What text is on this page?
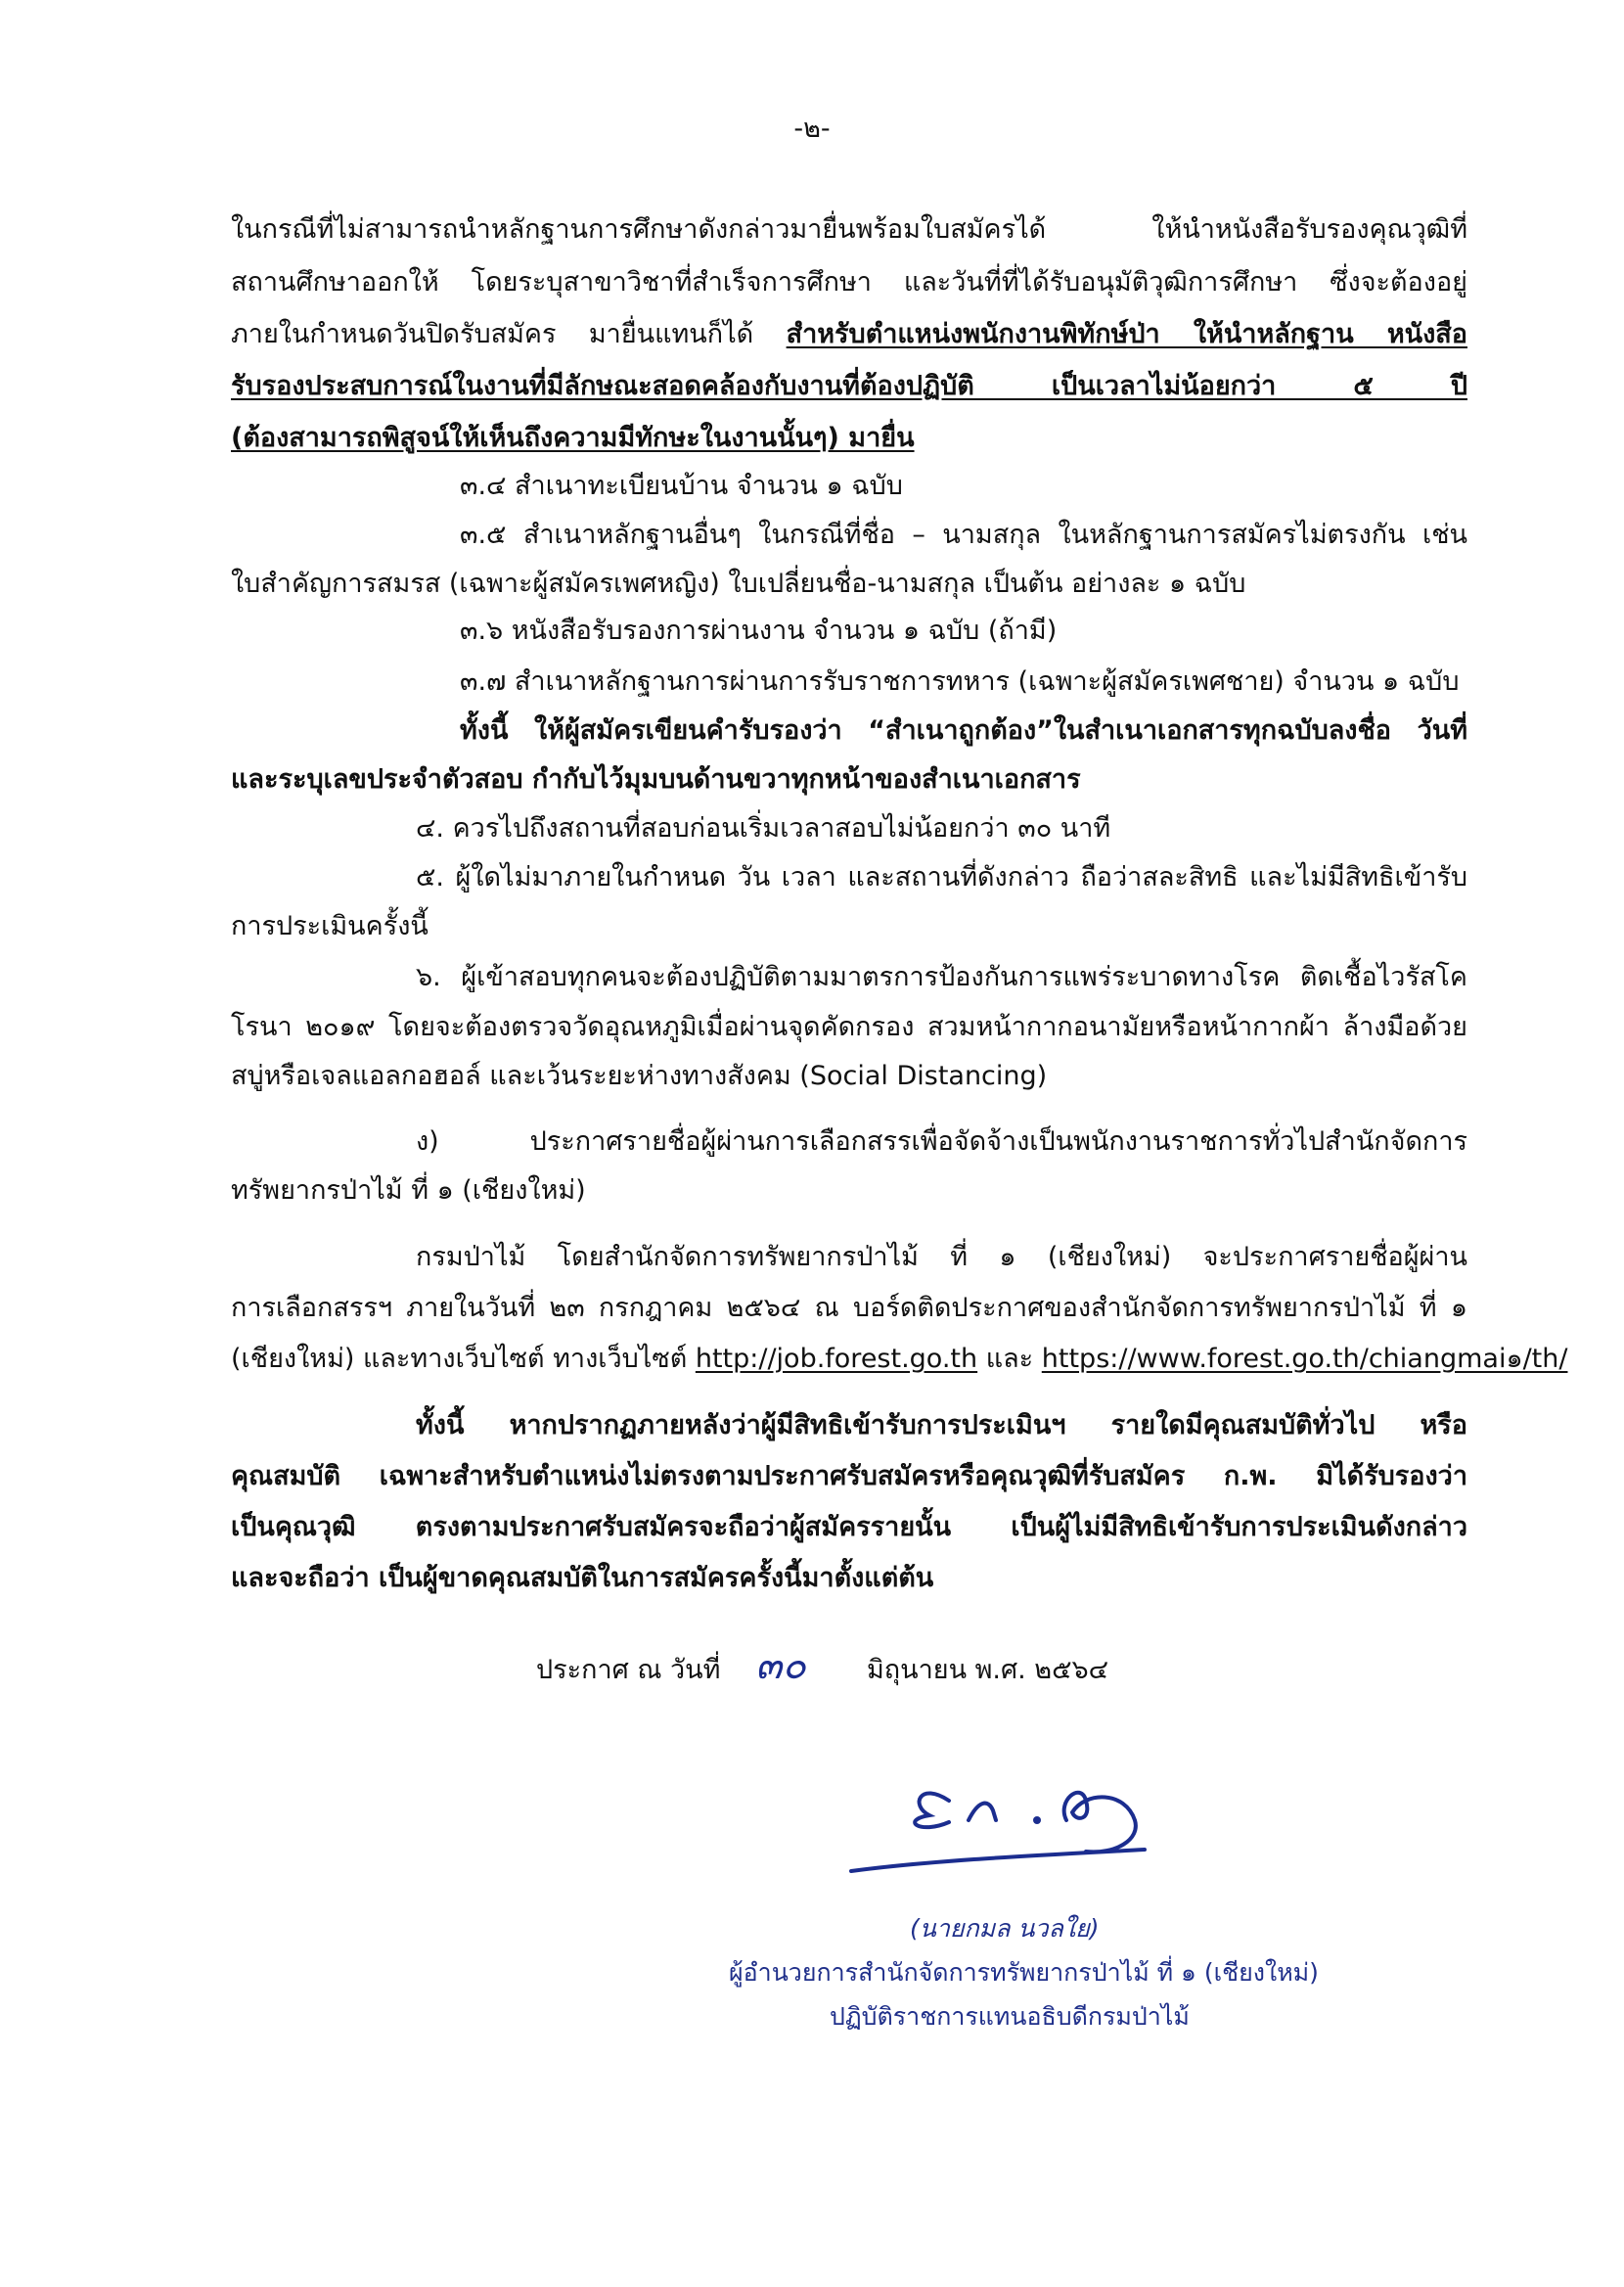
-๒-
ในกรณีที่ไม่สามารถนำหลักฐานการศึกษาดังกล่าวมายื่นพร้อมใบสมัครได้ ให้นำหนังสือรับรองคุณวุฒิที่
สถานศึกษาออกให้ โดยระบุสาขาวิชาที่สำเร็จการศึกษา และวันที่ที่ได้รับอนุมัติวุฒิการศึกษา ซึ่งจะต้องอยู่
ภายในกำหนดวันปิดรับสมัคร มายื่นแทนก็ได้ สำหรับตำแหน่งพนักงานพิทักษ์ป่า ให้นำหลักฐาน หนังสือ
รับรองประสบการณ์ในงานที่มีลักษณะสอดคล้องกับงานที่ต้องปฏิบัติ เป็นเวลาไม่น้อยกว่า ๕ ปี
(ต้องสามารถพิสูจน์ให้เห็นถึงความมีทักษะในงานนั้นๆ) มายื่น
๓.๔ สำเนาทะเบียนบ้าน จำนวน ๑ ฉบับ
๓.๕ สำเนาหลักฐานอื่นๆ ในกรณีที่ชื่อ – นามสกุล ในหลักฐานการสมัครไม่ตรงกัน เช่น
ใบสำคัญการสมรส (เฉพาะผู้สมัครเพศหญิง) ใบเปลี่ยนชื่อ-นามสกุล เป็นต้น อย่างละ ๑ ฉบับ
๓.๖ หนังสือรับรองการผ่านงาน จำนวน ๑ ฉบับ (ถ้ามี)
๓.๗ สำเนาหลักฐานการผ่านการรับราชการทหาร (เฉพาะผู้สมัครเพศชาย) จำนวน ๑ ฉบับ
ทั้งนี้ ให้ผู้สมัครเขียนคำรับรองว่า “สำเนาถูกต้อง”ในสำเนาเอกสารทุกฉบับลงชื่อ วันที่
และระบุเลขประจำตัวสอบ กำกับไว้มุมบนด้านขวาทุกหน้าของสำเนาเอกสาร
๔. ควรไปถึงสถานที่สอบก่อนเริ่มเวลาสอบไม่น้อยกว่า ๓๐ นาที
๕. ผู้ใดไม่มาภายในกำหนด วัน เวลา และสถานที่ดังกล่าว ถือว่าสละสิทธิ และไม่มีสิทธิเข้ารับ
การประเมินครั้งนี้
๖. ผู้เข้าสอบทุกคนจะต้องปฏิบัติตามมาตรการป้องกันการแพร่ระบาดทางโรค ติดเชื้อไวรัสโค
โรนา ๒๐๑๙ โดยจะต้องตรวจวัดอุณหภูมิเมื่อผ่านจุดคัดกรอง สวมหน้ากากอนามัยหรือหน้ากากผ้า ล้างมือด้วย
สบู่หรือเจลแอลกอฮอล์ และเว้นระยะห่างทางสังคม (Social Distancing)
ง) ประกาศรายชื่อผู้ผ่านการเลือกสรรเพื่อจัดจ้างเป็นพนักงานราชการทั่วไปสำนักจัดการ
ทรัพยากรป่าไม้ ที่ ๑ (เชียงใหม่)
กรมป่าไม้ โดยสำนักจัดการทรัพยากรป่าไม้ ที่ ๑ (เชียงใหม่) จะประกาศรายชื่อผู้ผ่าน
การเลือกสรรฯ ภายในวันที่ ๒๓ กรกฎาคม ๒๕๖๔ ณ บอร์ดติดประกาศของสำนักจัดการทรัพยากรป่าไม้ ที่ ๑
(เชียงใหม่) และทางเว็บไซต์ ทางเว็บไซต์ http://job.forest.go.th และ https://www.forest.go.th/chiangmai๑/th/
ทั้งนี้ หากปรากฏภายหลังว่าผู้มีสิทธิเข้ารับการประเมินฯ รายใดมีคุณสมบัติทั่วไป หรือ
คุณสมบัติ เฉพาะสำหรับตำแหน่งไม่ตรงตามประกาศรับสมัครหรือคุณวุฒิที่รับสมัคร ก.พ. มิได้รับรองว่า
เป็นคุณวุฒิ ตรงตามประกาศรับสมัครจะถือว่าผู้สมัครรายนั้น เป็นผู้ไม่มีสิทธิเข้ารับการประเมินดังกล่าว
และจะถือว่า เป็นผู้ขาดคุณสมบัติในการสมัครครั้งนี้มาตั้งแต่ต้น
ประกาศ ณ วันที่ ๓๐	มิถุนายน พ.ศ. ๒๕๖๔
(นายกมล นวลใย)
ผู้อำนวยการสำนักจัดการทรัพยากรป่าไม้ ที่ ๑ (เชียงใหม่)
ปฏิบัติราชการแทนอธิบดีกรมป่าไม้
